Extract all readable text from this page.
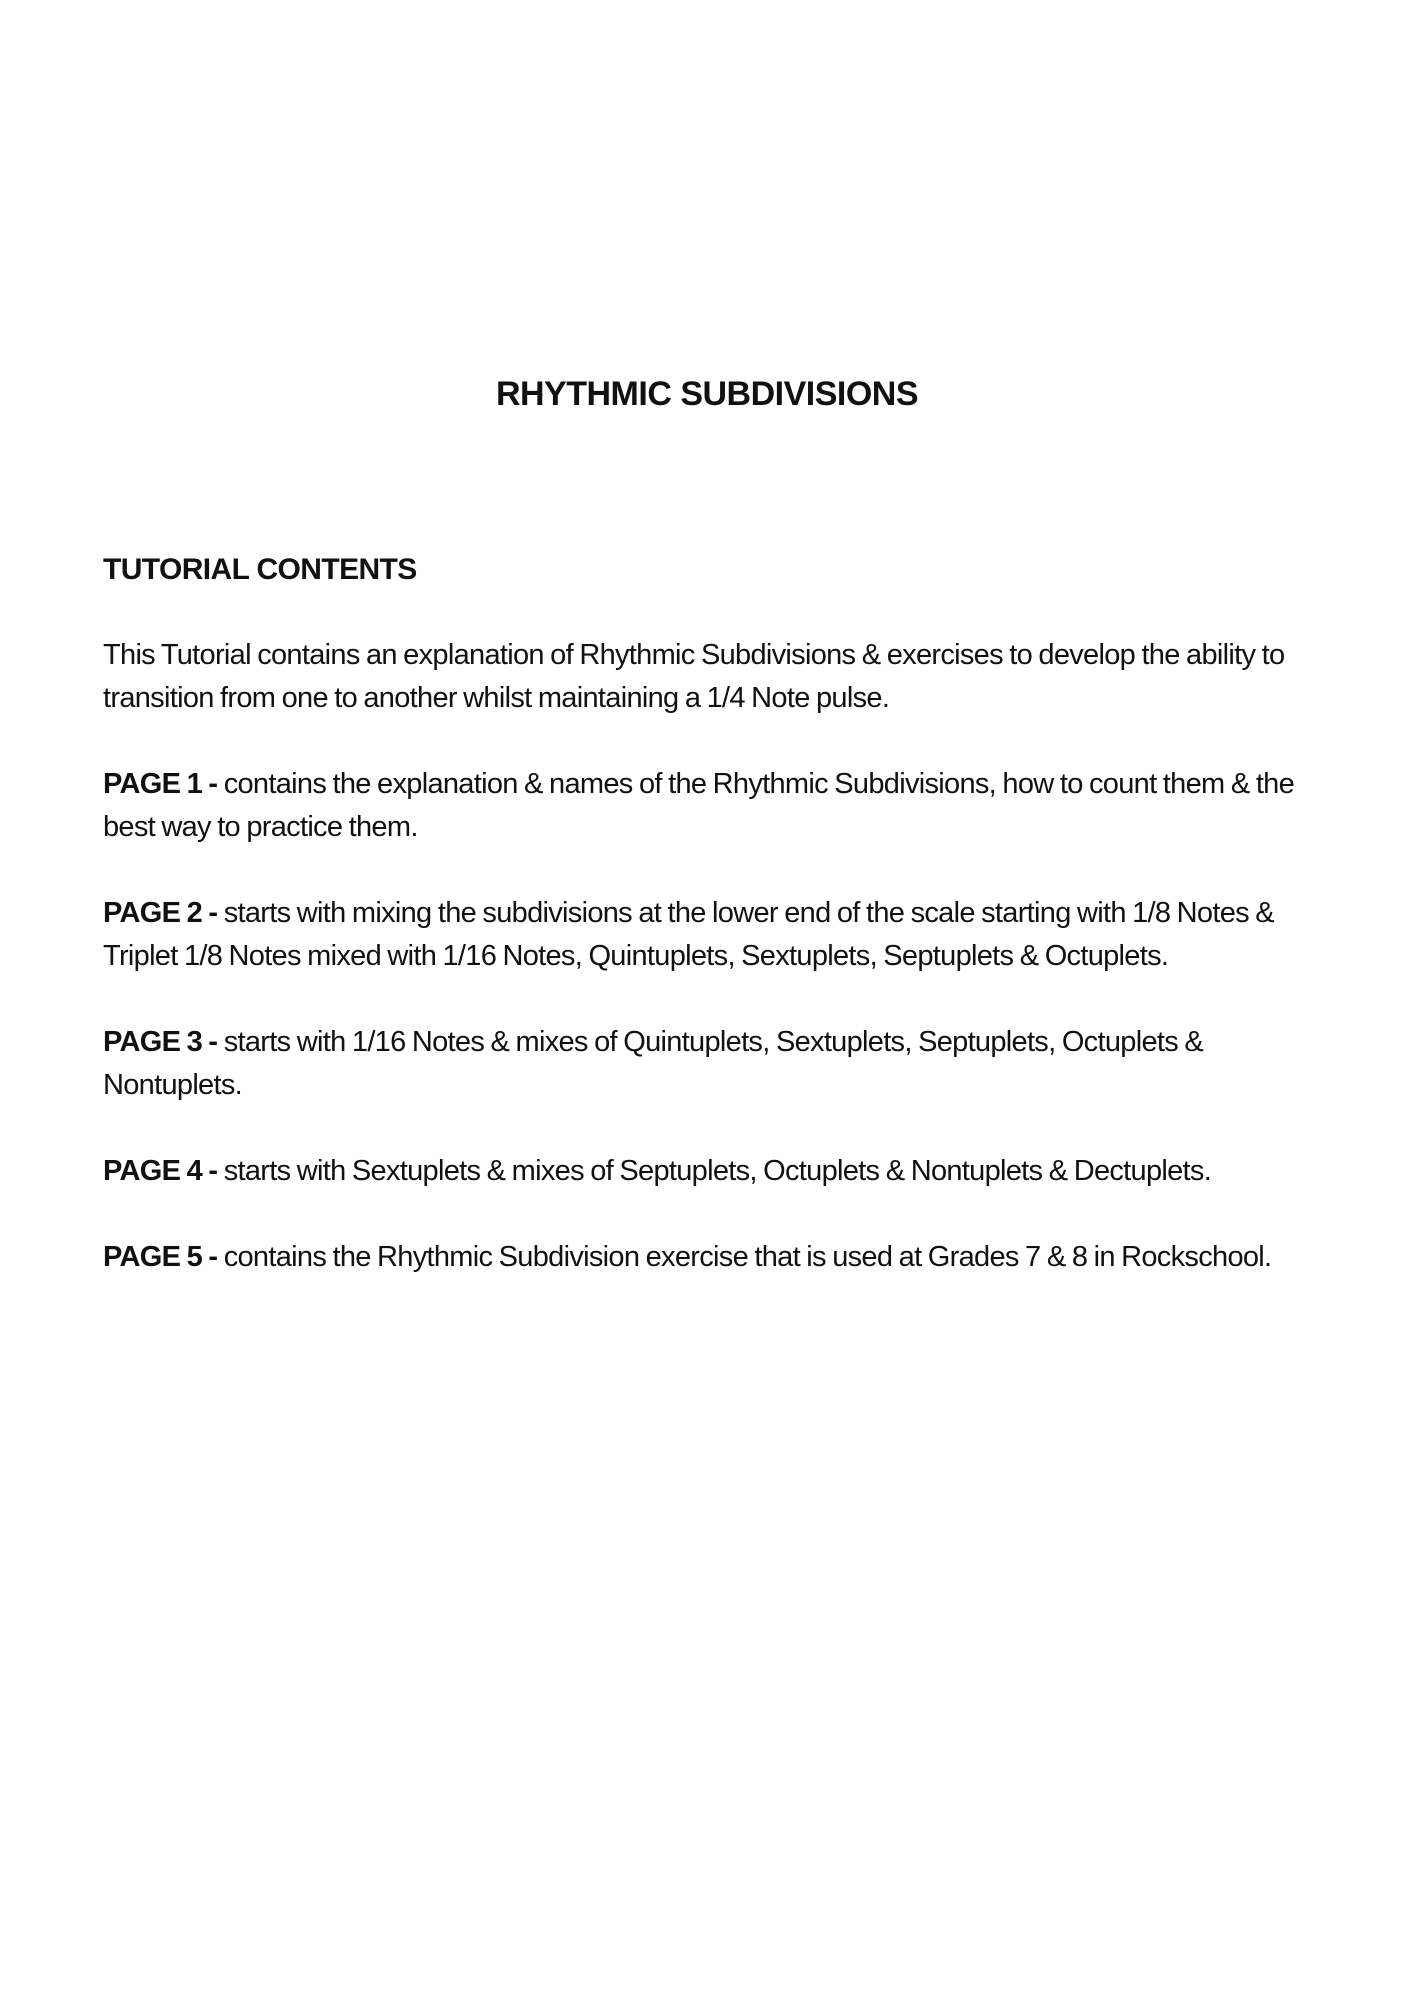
RHYTHMIC SUBDIVISIONS
TUTORIAL CONTENTS

This Tutorial contains an explanation of Rhythmic Subdivisions & exercises to develop the ability to transition from one to another whilst maintaining a 1/4 Note pulse.

PAGE 1 - contains the explanation & names of the Rhythmic Subdivisions, how to count them & the best way to practice them.

PAGE 2 - starts with mixing the subdivisions at the lower end of the scale starting with 1/8 Notes & Triplet 1/8 Notes mixed with 1/16 Notes, Quintuplets, Sextuplets, Septuplets & Octuplets.

PAGE 3 - starts with 1/16 Notes & mixes of Quintuplets, Sextuplets, Septuplets, Octuplets & Nontuplets.

PAGE 4 - starts with Sextuplets & mixes of Septuplets, Octuplets & Nontuplets & Dectuplets.

PAGE 5 - contains the Rhythmic Subdivision exercise that is used at Grades 7 & 8 in Rockschool.
